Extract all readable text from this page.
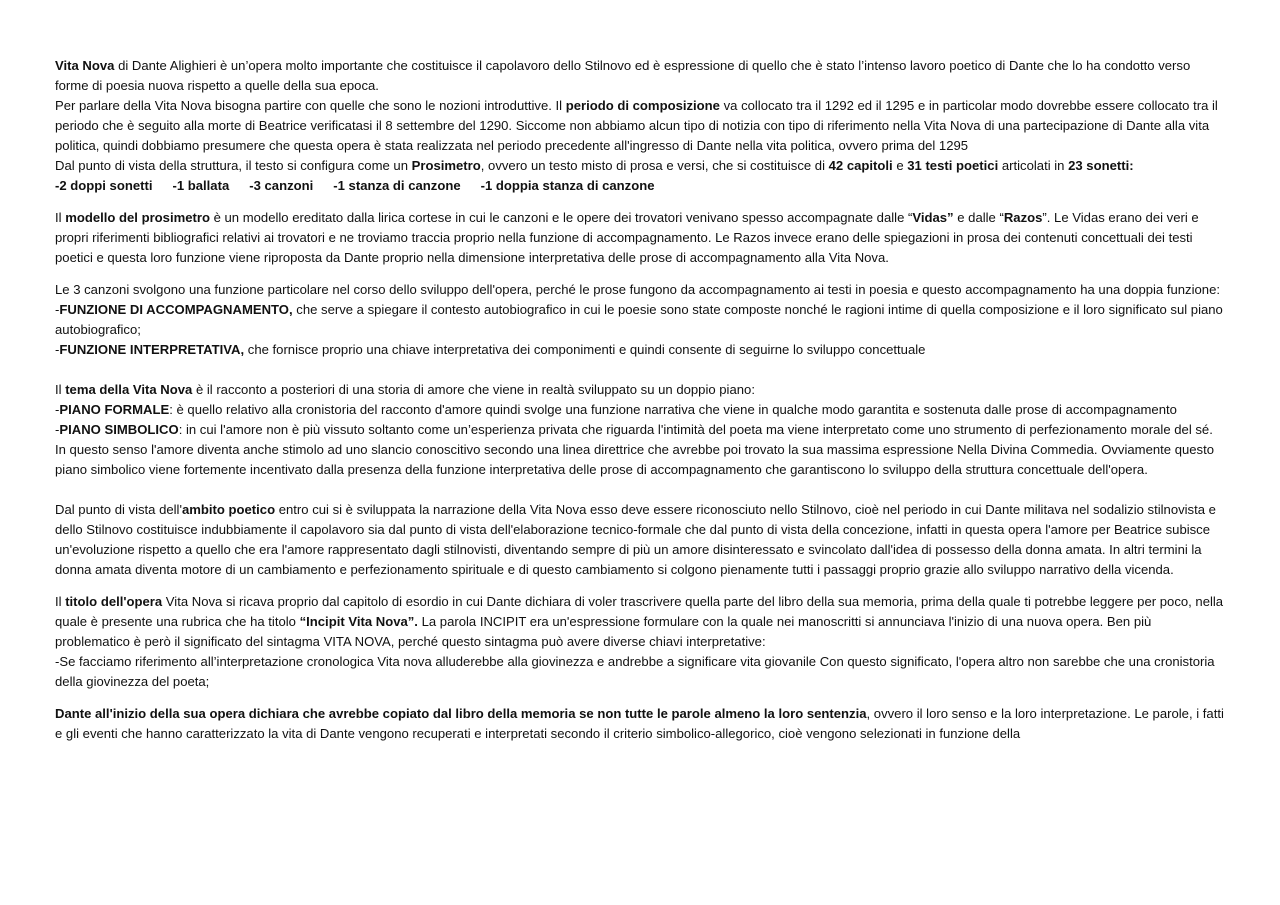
Vita Nova di Dante Alighieri è un’opera molto importante che costituisce il capolavoro dello Stilnovo ed è espressione di quello che è stato l’intenso lavoro poetico di Dante che lo ha condotto verso forme di poesia nuova rispetto a quelle della sua epoca.

Per parlare della Vita Nova bisogna partire con quelle che sono le nozioni introduttive. Il periodo di composizione va collocato tra il 1292 ed il 1295 e in particolar modo dovrebbe essere collocato tra il periodo che è seguito alla morte di Beatrice verificatasi il 8 settembre del 1290. Siccome non abbiamo alcun tipo di notizia con tipo di riferimento nella Vita Nova di una partecipazione di Dante alla vita politica, quindi dobbiamo presumere che questa opera è stata realizzata nel periodo precedente all'ingresso di Dante nella vita politica, ovvero prima del 1295

Dal punto di vista della struttura, il testo si configura come un Prosimetro, ovvero un testo misto di prosa e versi, che si costituisce di 42 capitoli e 31 testi poetici articolati in 23 sonetti:

-2 doppi sonetti -1 ballata -3 canzoni -1 stanza di canzone -1 doppia stanza di canzone

Il modello del prosimetro è un modello ereditato dalla lirica cortese in cui le canzoni e le opere dei trovatori venivano spesso accompagnate dalle “Vidas” e dalle “Razos”. Le Vidas erano dei veri e propri riferimenti bibliografici relativi ai trovatori e ne troviamo traccia proprio nella funzione di accompagnamento. Le Razos invece erano delle spiegazioni in prosa dei contenuti concettuali dei testi poetici e questa loro funzione viene riproposta da Dante proprio nella dimensione interpretativa delle prose di accompagnamento alla Vita Nova.

Le 3 canzoni svolgono una funzione particolare nel corso dello sviluppo dell'opera, perché le prose fungono da accompagnamento ai testi in poesia e questo accompagnamento ha una doppia funzione:

-FUNZIONE DI ACCOMPAGNAMENTO, che serve a spiegare il contesto autobiografico in cui le poesie sono state composte nonché le ragioni intime di quella composizione e il loro significato sul piano autobiografico;

-FUNZIONE INTERPRETATIVA, che fornisce proprio una chiave interpretativa dei componimenti e quindi consente di seguirne lo sviluppo concettuale

Il tema della Vita Nova è il racconto a posteriori di una storia di amore che viene in realtà sviluppato su un doppio piano:

-PIANO FORMALE: è quello relativo alla cronistoria del racconto d'amore quindi svolge una funzione narrativa che viene in qualche modo garantita e sostenuta dalle prose di accompagnamento

-PIANO SIMBOLICO: in cui l'amore non è più vissuto soltanto come un’esperienza privata che riguarda l'intimità del poeta ma viene interpretato come uno strumento di perfezionamento morale del sé. In questo senso l'amore diventa anche stimolo ad uno slancio conoscitivo secondo una linea direttrice che avrebbe poi trovato la sua massima espressione Nella Divina Commedia. Ovviamente questo piano simbolico viene fortemente incentivato dalla presenza della funzione interpretativa delle prose di accompagnamento che garantiscono lo sviluppo della struttura concettuale dell'opera.

Dal punto di vista dell'ambito poetico entro cui si è sviluppata la narrazione della Vita Nova esso deve essere riconosciuto nello Stilnovo, cioè nel periodo in cui Dante militava nel sodalizio stilnovista e dello Stilnovo costituisce indubbiamente il capolavoro sia dal punto di vista dell'elaborazione tecnico-formale che dal punto di vista della concezione, infatti in questa opera l'amore per Beatrice subisce un'evoluzione rispetto a quello che era l'amore rappresentato dagli stilnovisti, diventando sempre di più un amore disinteressato e svincolato dall'idea di possesso della donna amata. In altri termini la donna amata diventa motore di un cambiamento e perfezionamento spirituale e di questo cambiamento si colgono pienamente tutti i passaggi proprio grazie allo sviluppo narrativo della vicenda.

Il titolo dell'opera Vita Nova si ricava proprio dal capitolo di esordio in cui Dante dichiara di voler trascrivere quella parte del libro della sua memoria, prima della quale ti potrebbe leggere per poco, nella quale è presente una rubrica che ha titolo “Incipit Vita Nova”. La parola INCIPIT era un'espressione formulare con la quale nei manoscritti si annunciava l'inizio di una nuova opera. Ben più problematico è però il significato del sintagma VITA NOVA, perché questo sintagma può avere diverse chiavi interpretative:

-Se facciamo riferimento all’interpretazione cronologica Vita nova alluderebbe alla giovinezza e andrebbe a significare vita giovanile Con questo significato, l'opera altro non sarebbe che una cronistoria della giovinezza del poeta;

Dante all'inizio della sua opera dichiara che avrebbe copiato dal libro della memoria se non tutte le parole almeno la loro sentenzia, ovvero il loro senso e la loro interpretazione. Le parole, i fatti e gli eventi che hanno caratterizzato la vita di Dante vengono recuperati e interpretati secondo il criterio simbolico-allegorico, cioè vengono selezionati in funzione della
